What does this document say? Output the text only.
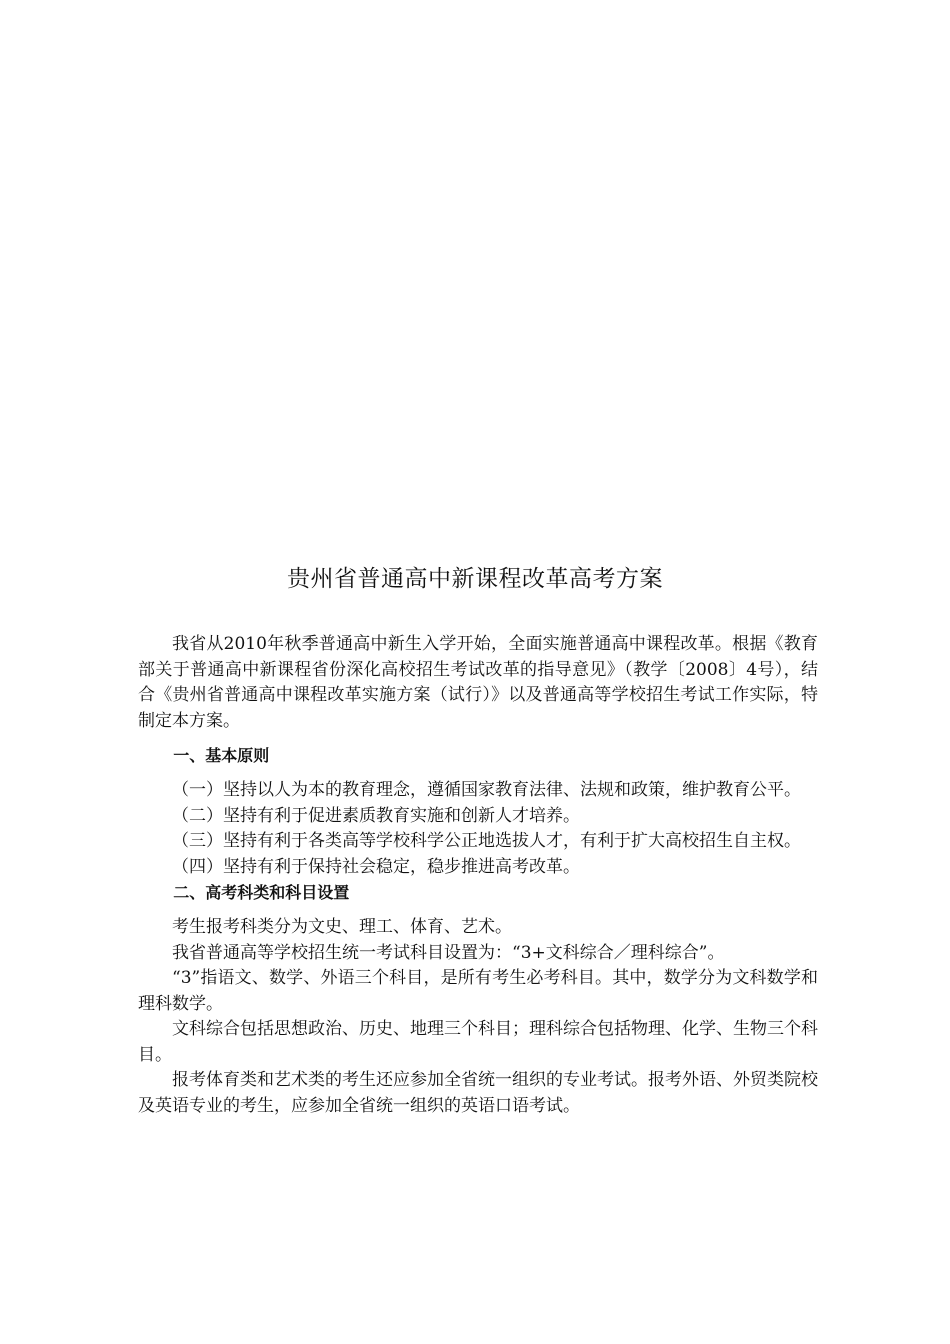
贵州省普通高中新课程改革高考方案

我省从2010年秋季普通高中新生入学开始，全面实施普通高中课程改革。根据《教育部关于普通高中新课程省份深化高校招生考试改革的指导意见》（教学〔2008〕4号），结合《贵州省普通高中课程改革实施方案（试行）》以及普通高等学校招生考试工作实际，特制定本方案。

一、基本原则

（一）坚持以人为本的教育理念，遵循国家教育法律、法规和政策，维护教育公平。

（二）坚持有利于促进素质教育实施和创新人才培养。

（三）坚持有利于各类高等学校科学公正地选拔人才，有利于扩大高校招生自主权。

（四）坚持有利于保持社会稳定，稳步推进高考改革。

二、高考科类和科目设置

考生报考科类分为文史、理工、体育、艺术。

我省普通高等学校招生统一考试科目设置为：“3+文科综合／理科综合”。

“3”指语文、数学、外语三个科目，是所有考生必考科目。其中，数学分为文科数学和理科数学。

文科综合包括思想政治、历史、地理三个科目；理科综合包括物理、化学、生物三个科目。

报考体育类和艺术类的考生还应参加全省统一组织的专业考试。报考外语、外贸类院校及英语专业的考生，应参加全省统一组织的英语口语考试。
